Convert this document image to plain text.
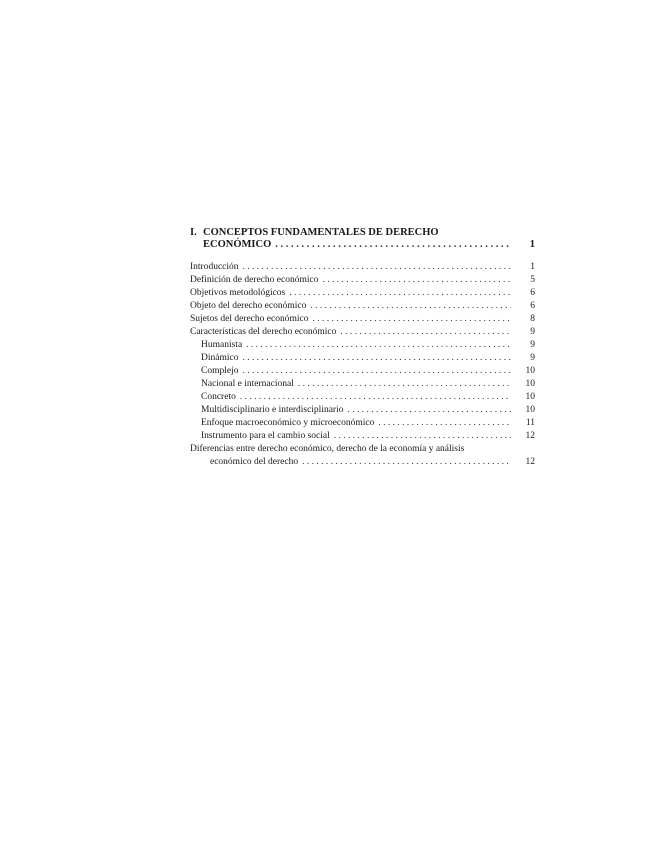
I. CONCEPTOS FUNDAMENTALES DE DERECHO
ECONÓMICO . . .	1
Introducción . . .	1
Definición de derecho económico . . .	5
Objetivos metodológicos . . .	6
Objeto del derecho económico . . .	6
Sujetos del derecho económico . . .	8
Características del derecho económico . . .	9
Humanista . . .	9
Dinámico . . .	9
Complejo . . .	10
Nacional e internacional . . .	10
Concreto . . .	10
Multidisciplinario e interdisciplinario . . .	10
Enfoque macroeconómico y microeconómico . . .	11
Instrumento para el cambio social . . .	12
Diferencias entre derecho económico, derecho de la economía y análisis
económico del derecho . . .	12
